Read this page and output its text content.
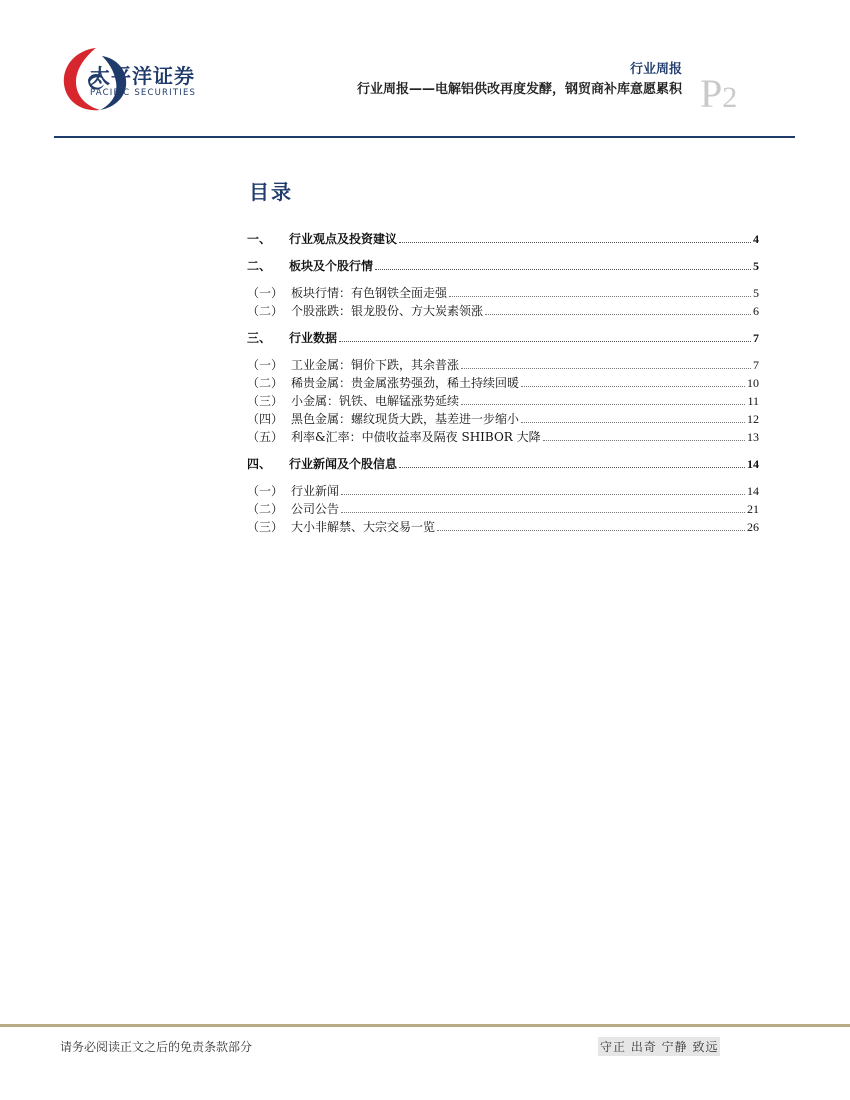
太平洋证券

PACIFIC SECURITIES

行业周报
行业周报——电解铝供改再度发酵，钢贸商补库意愿累积 P2
目录
一、	行业观点及投资建议	4
二、	板块及个股行情	5
（一） 板块行情：有色钢铁全面走强	5
（二） 个股涨跌：银龙股份、方大炭素领涨	6
三、	行业数据	7
（一） 工业金属：铜价下跌，其余普涨	7
（二） 稀贵金属：贵金属涨势强劲，稀土持续回暖	10
（三） 小金属：钒铁、电解锰涨势延续	11
（四） 黑色金属：螺纹现货大跌，基差进一步缩小	12
（五） 利率&汇率：中债收益率及隔夜 SHIBOR 大降	13
四、	行业新闻及个股信息	14
（一） 行业新闻	14
（二） 公司公告	21
（三） 大小非解禁、大宗交易一览	26
请务必阅读正文之后的免责条款部分	守正 出奇 宁静 致远
